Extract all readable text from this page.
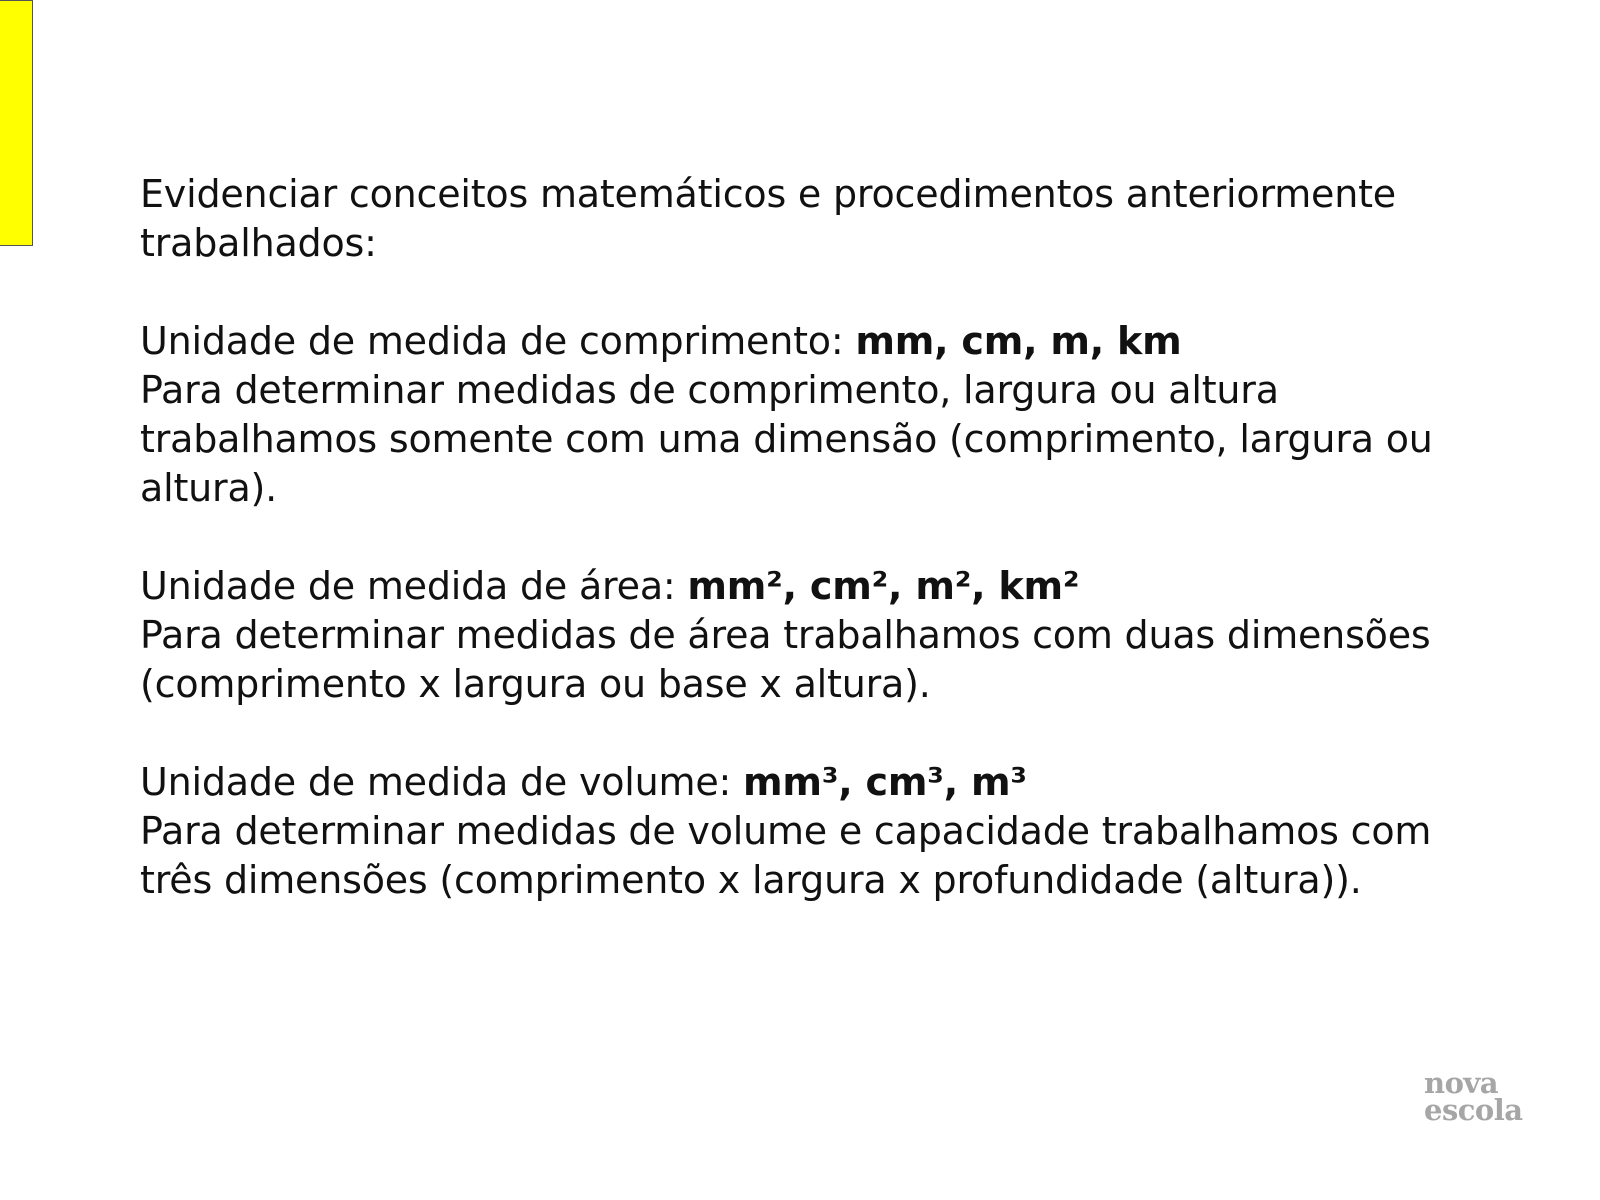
Evidenciar conceitos matemáticos e procedimentos anteriormente trabalhados:

Unidade de medida de comprimento: mm, cm, m, km

Para determinar medidas de comprimento, largura ou altura trabalhamos somente com uma dimensão (comprimento, largura ou altura).

Unidade de medida de área: mm², cm², m², km²

Para determinar medidas de área trabalhamos com duas dimensões (comprimento x largura ou base x altura).

Unidade de medida de volume: mm³, cm³, m³

Para determinar medidas de volume e capacidade trabalhamos com três dimensões (comprimento x largura x profundidade (altura)).

nova
escola
